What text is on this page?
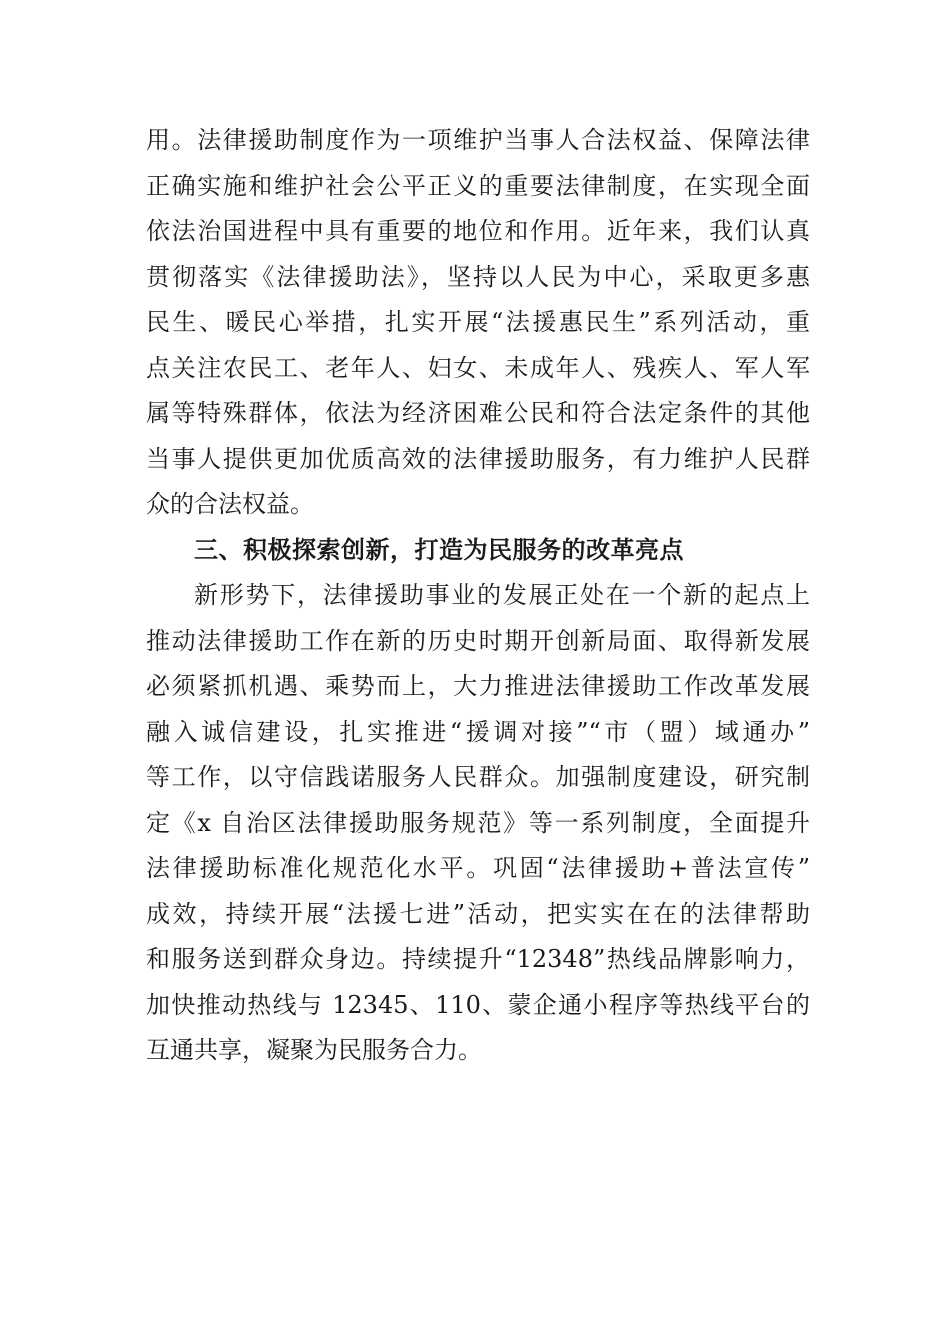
用。法律援助制度作为一项维护当事人合法权益、保障法律
正确实施和维护社会公平正义的重要法律制度，在实现全面
依法治国进程中具有重要的地位和作用。近年来，我们认真
贯彻落实《法律援助法》，坚持以人民为中心，采取更多惠
民生、暖民心举措，扎实开展“法援惠民生”系列活动，重
点关注农民工、老年人、妇女、未成年人、残疾人、军人军
属等特殊群体，依法为经济困难公民和符合法定条件的其他
当事人提供更加优质高效的法律援助服务，有力维护人民群
众的合法权益。
三、积极探索创新，打造为民服务的改革亮点
新形势下，法律援助事业的发展正处在一个新的起点上
推动法律援助工作在新的历史时期开创新局面、取得新发展
必须紧抓机遇、乘势而上，大力推进法律援助工作改革发展
融入诚信建设，扎实推进“援调对接”“市（盟）域通办”
等工作，以守信践诺服务人民群众。加强制度建设，研究制
定《x 自治区法律援助服务规范》等一系列制度，全面提升
法律援助标准化规范化水平。巩固“法律援助+普法宣传”
成效，持续开展“法援七进”活动，把实实在在的法律帮助
和服务送到群众身边。持续提升“12348”热线品牌影响力，
加快推动热线与 12345、110、蒙企通小程序等热线平台的
互通共享，凝聚为民服务合力。
